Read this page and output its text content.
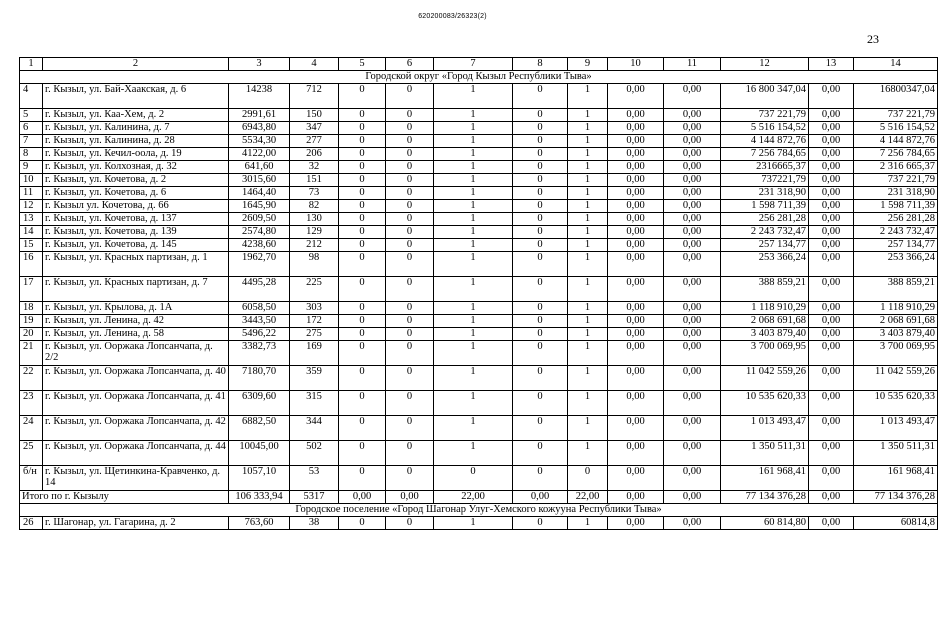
620200083/26323(2)
23
1	2	3	4	5	6	7	8	9	10	11	12	13	14
Городской округ «Город Кызыл Республики Тыва»													
4	г. Кызыл, ул. Бай-Хаакская, д. 6	14238	712	0	0	1	0	1	0,00	0,00	16 800 347,04	0,00	16800347,04
5	г. Кызыл, ул. Каа-Хем, д. 2	2991,61	150	0	0	1	0	1	0,00	0,00	737 221,79	0,00	737 221,79
6	г. Кызыл, ул. Калинина, д. 7	6943,80	347	0	0	1	0	1	0,00	0,00	5 516 154,52	0,00	5 516 154,52
7	г. Кызыл, ул. Калинина, д. 28	5534,30	277	0	0	1	0	1	0,00	0,00	4 144 872,76	0,00	4 144 872,76
8	г. Кызыл, ул. Кечил-оола, д. 19	4122,00	206	0	0	1	0	1	0,00	0,00	7 256 784,65	0,00	7 256 784,65
9	г. Кызыл, ул. Колхозная, д. 32	641,60	32	0	0	1	0	1	0,00	0,00	2316665,37	0,00	2 316 665,37
10	г. Кызыл, ул. Кочетова, д. 2	3015,60	151	0	0	1	0	1	0,00	0,00	737221,79	0,00	737 221,79
11	г. Кызыл, ул. Кочетова, д. 6	1464,40	73	0	0	1	0	1	0,00	0,00	231 318,90	0,00	231 318,90
12	г. Кызыл ул. Кочетова, д. 66	1645,90	82	0	0	1	0	1	0,00	0,00	1 598 711,39	0,00	1 598 711,39
13	г. Кызыл, ул. Кочетова, д. 137	2609,50	130	0	0	1	0	1	0,00	0,00	256 281,28	0,00	256 281,28
14	г. Кызыл, ул. Кочетова, д. 139	2574,80	129	0	0	1	0	1	0,00	0,00	2 243 732,47	0,00	2 243 732,47
15	г. Кызыл, ул. Кочетова, д. 145	4238,60	212	0	0	1	0	1	0,00	0,00	257 134,77	0,00	257 134,77
16	г. Кызыл, ул. Красных партизан, д. 1	1962,70	98	0	0	1	0	1	0,00	0,00	253 366,24	0,00	253 366,24
17	г. Кызыл, ул. Красных партизан, д. 7	4495,28	225	0	0	1	0	1	0,00	0,00	388 859,21	0,00	388 859,21
18	г. Кызыл, ул. Крылова, д. 1А	6058,50	303	0	0	1	0	1	0,00	0,00	1 118 910,29	0,00	1 118 910,29
19	г. Кызыл, ул. Ленина, д. 42	3443,50	172	0	0	1	0	1	0,00	0,00	2 068 691,68	0,00	2 068 691,68
20	г. Кызыл, ул. Ленина, д. 58	5496,22	275	0	0	1	0	1	0,00	0,00	3 403 879,40	0,00	3 403 879,40
21	г. Кызыл, ул. Ооржака Лопсанчапа, д. 2/2	3382,73	169	0	0	1	0	1	0,00	0,00	3 700 069,95	0,00	3 700 069,95
22	г. Кызыл, ул. Ооржака Лопсанчапа, д. 40	7180,70	359	0	0	1	0	1	0,00	0,00	11 042 559,26	0,00	11 042 559,26
23	г. Кызыл, ул. Ооржака Лопсанчапа, д. 41	6309,60	315	0	0	1	0	1	0,00	0,00	10 535 620,33	0,00	10 535 620,33
24	г. Кызыл, ул. Ооржака Лопсанчапа, д. 42	6882,50	344	0	0	1	0	1	0,00	0,00	1 013 493,47	0,00	1 013 493,47
25	г. Кызыл, ул. Ооржака Лопсанчапа, д. 44	10045,00	502	0	0	1	0	1	0,00	0,00	1 350 511,31	0,00	1 350 511,31
б/н	г. Кызыл, ул. Щетинкина-Кравченко, д. 14	1057,10	53	0	0	0	0	0	0,00	0,00	161 968,41	0,00	161 968,41
Итого по г. Кызылу		106 333,94	5317	0,00	0,00	22,00	0,00	22,00	0,00	0,00	77 134 376,28	0,00	77 134 376,28
Городское поселение «Город Шагонар Улуг-Хемского кожууна Республики Тыва»													
26	г. Шагонар, ул. Гагарина, д. 2	763,60	38	0	0	1	0	1	0,00	0,00	60 814,80	0,00	60814,8
